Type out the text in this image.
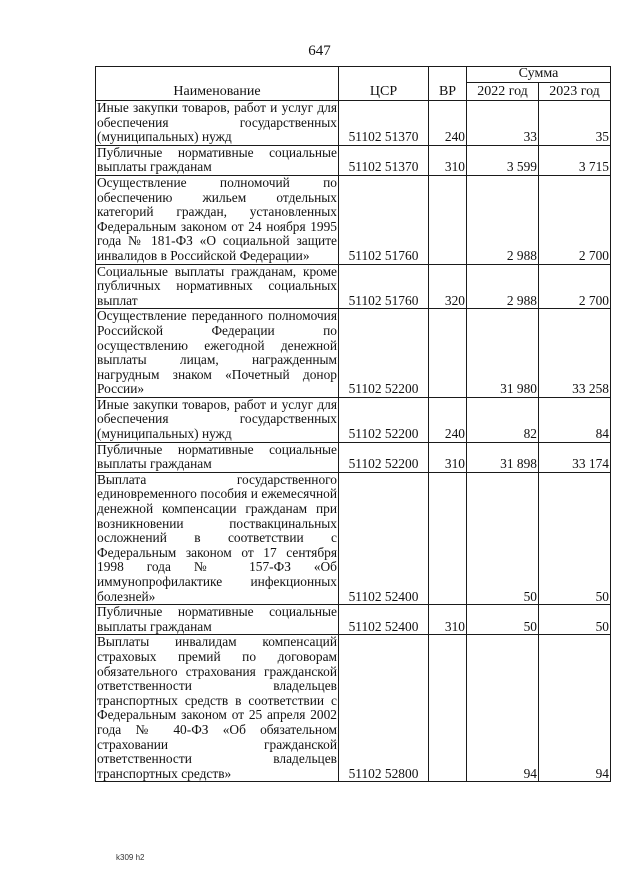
647
Наименование	ЦСР	ВР	Сумма	
			2022 год	2023 год
Иные закупки товаров, работ и услуг для обеспечения государственных (муниципальных) нужд	51102 51370	240	33	35
Публичные нормативные социальные выплаты гражданам	51102 51370	310	3 599	3 715
Осуществление полномочий по обеспечению жильем отдельных категорий граждан, установленных Федеральным законом от 24 ноября 1995 года № 181-ФЗ «О социальной защите инвалидов в Российской Федерации»	51102 51760		2 988	2 700
Социальные выплаты гражданам, кроме публичных нормативных социальных выплат	51102 51760	320	2 988	2 700
Осуществление переданного полномочия Российской Федерации по осуществлению ежегодной денежной выплаты лицам, награжденным нагрудным знаком «Почетный донор России»	51102 52200		31 980	33 258
Иные закупки товаров, работ и услуг для обеспечения государственных (муниципальных) нужд	51102 52200	240	82	84
Публичные нормативные социальные выплаты гражданам	51102 52200	310	31 898	33 174
Выплата государственного единовременного пособия и ежемесячной денежной компенсации гражданам при возникновении поствакцинальных осложнений в соответствии с Федеральным законом от 17 сентября 1998 года № 157-ФЗ «Об иммунопрофилактике инфекционных болезней»	51102 52400		50	50
Публичные нормативные социальные выплаты гражданам	51102 52400	310	50	50
Выплаты инвалидам компенсаций страховых премий по договорам обязательного страхования гражданской ответственности владельцев транспортных средств в соответствии с Федеральным законом от 25 апреля 2002 года № 40-ФЗ «Об обязательном страховании гражданской ответственности владельцев транспортных средств»	51102 52800		94	94
k309 h2
